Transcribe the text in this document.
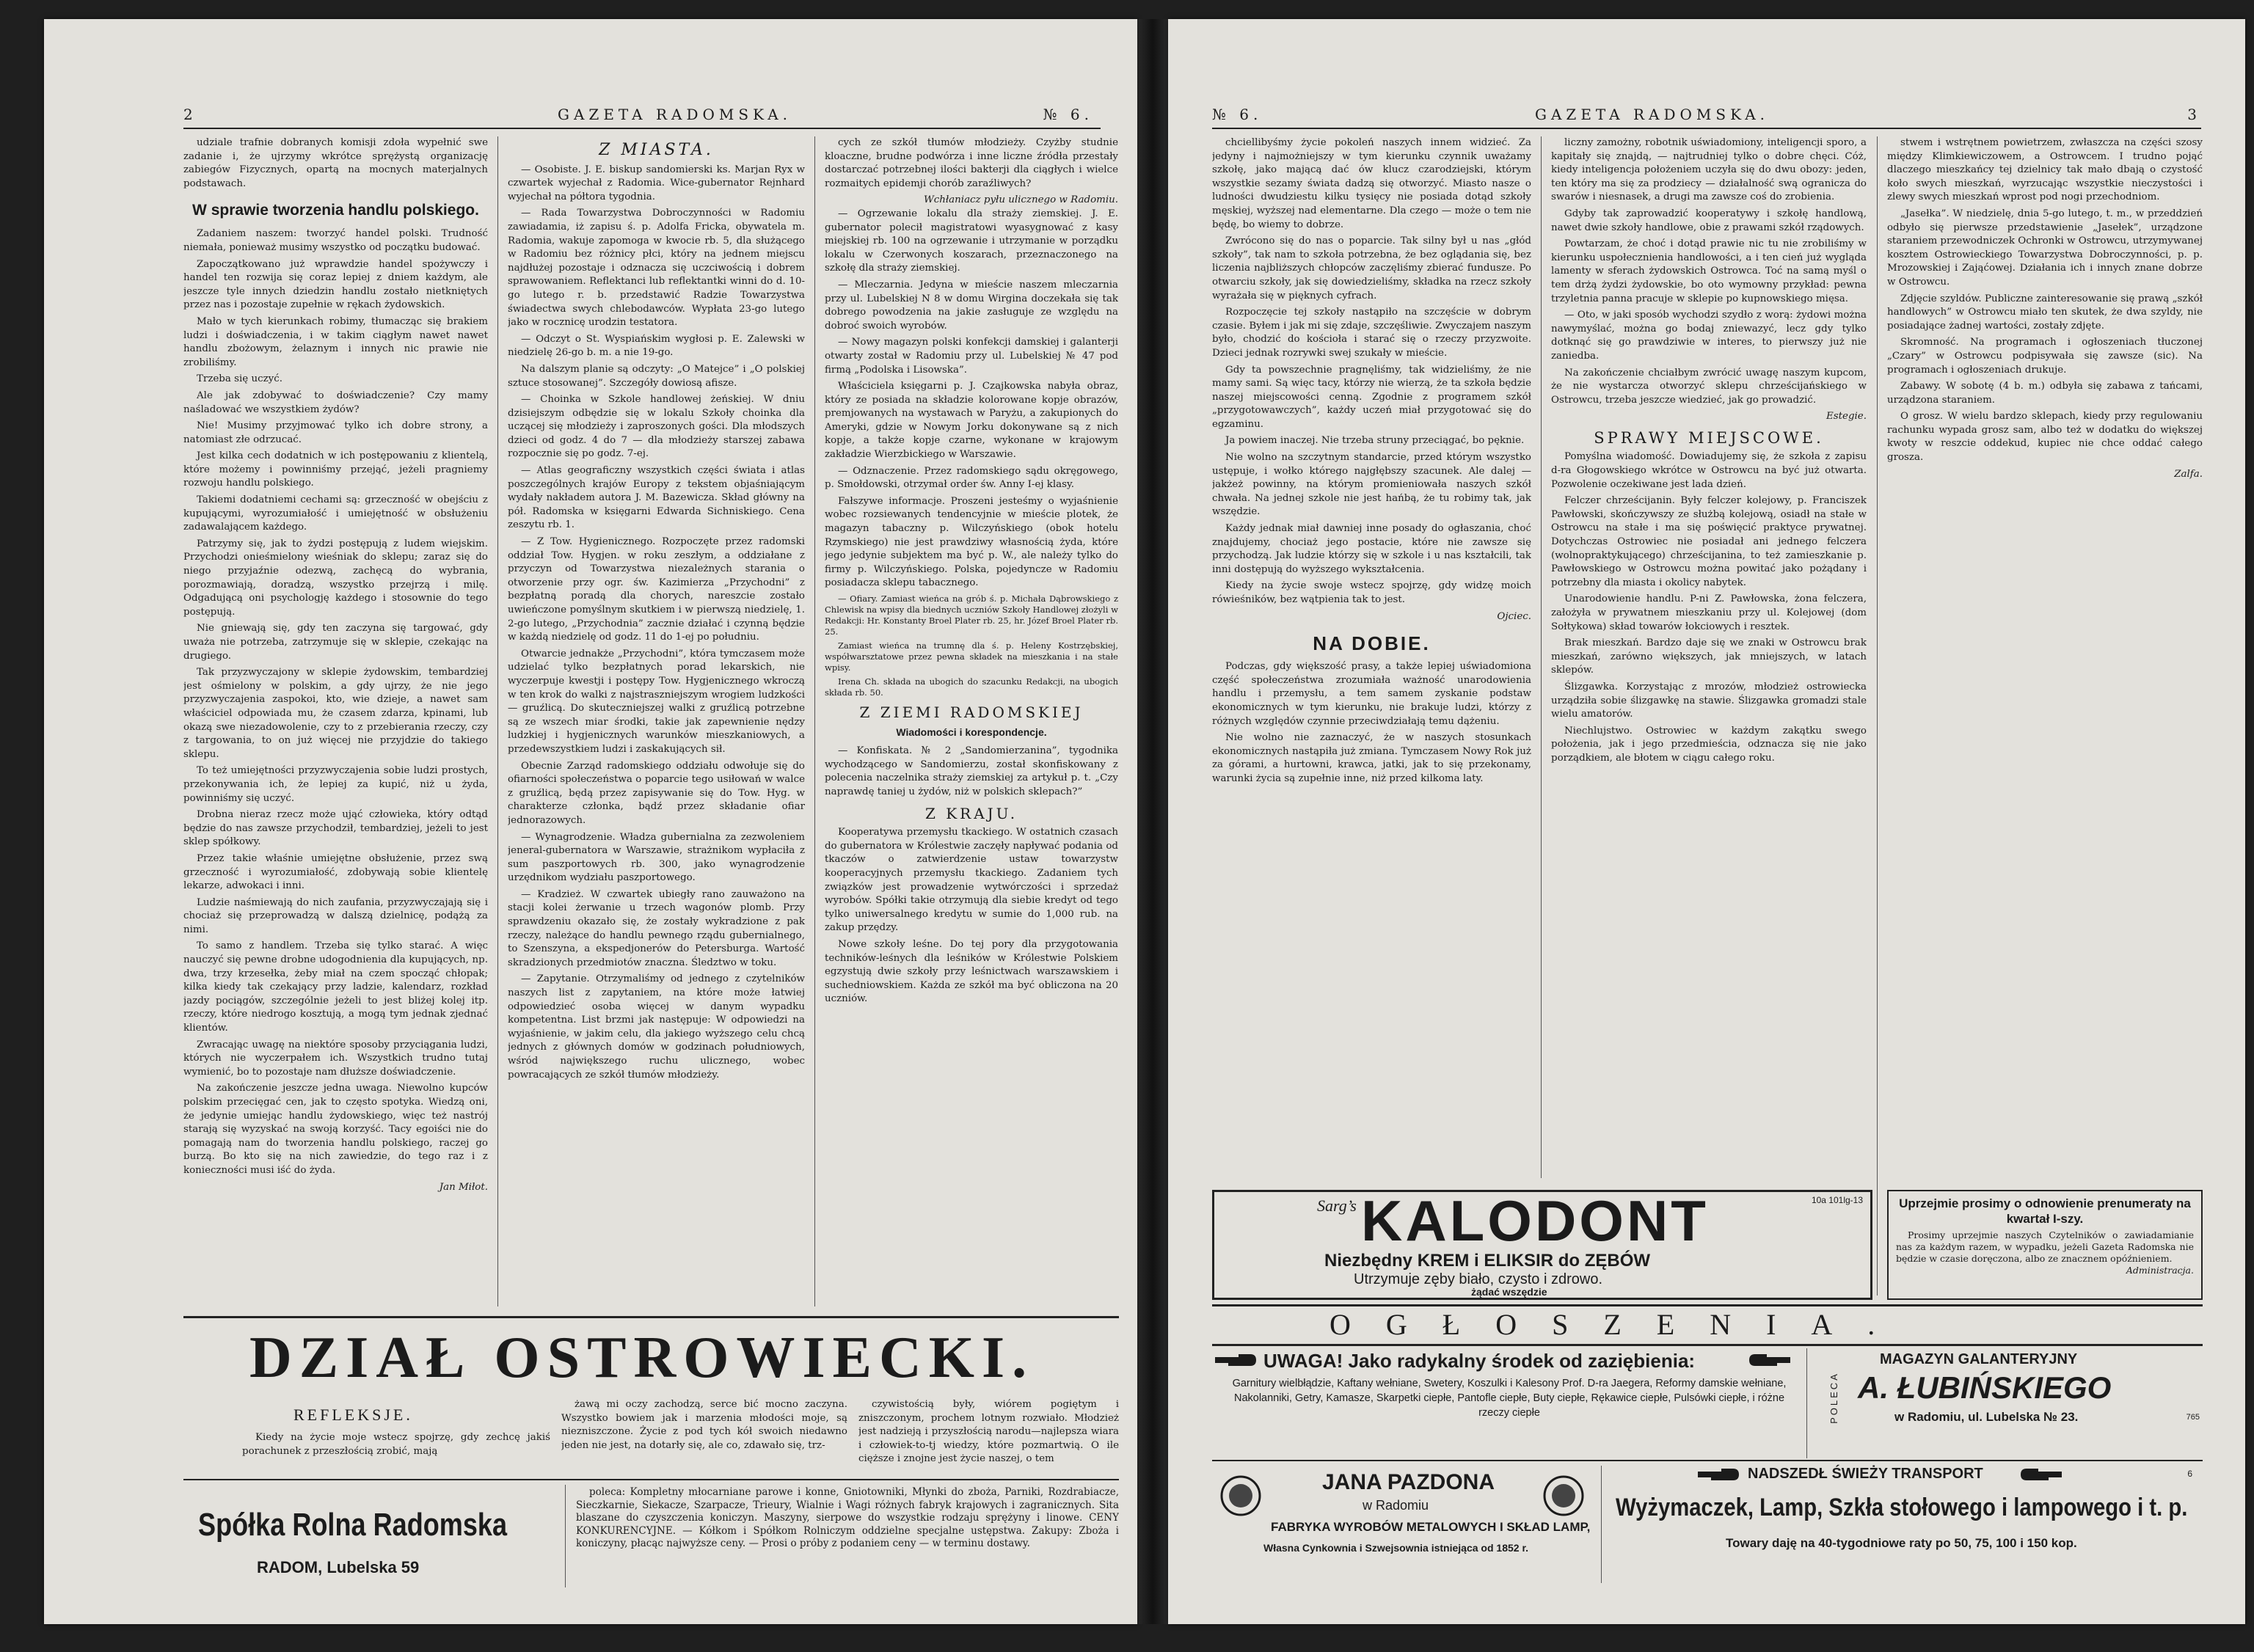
2	GAZETA RADOMSKA.	№ 6.

udziale trafnie dobranych komisji zdoła wypełnić swe zadanie i, że ujrzymy wkrótce sprężystą organizację zabiegów Fizycznych, opartą na mocnych materjalnych podstawach.

W sprawie tworzenia handlu polskiego.

Zadaniem naszem: tworzyć handel polski. Trudność niemała, ponieważ musimy wszystko od początku budować.

Zapoczątkowano już wprawdzie handel spożywczy i handel ten rozwija się coraz lepiej z dniem każdym, ale jeszcze tyle innych dziedzin handlu zostało nietkniętych przez nas i pozostaje zupełnie w rękach żydowskich.

Mało w tych kierunkach robimy, tłumacząc się brakiem ludzi i doświadczenia, i w takim ciągłym nawet nawet handlu zbożowym, żelaznym i innych nic prawie nie zrobiliśmy.

Trzeba się uczyć.

Ale jak zdobywać to doświadczenie? Czy mamy naśladować we wszystkiem żydów?

Nie! Musimy przyjmować tylko ich dobre strony, a natomiast złe odrzucać.

Jest kilka cech dodatnich w ich postępowaniu z klientelą, które możemy i powinniśmy przejąć, jeżeli pragniemy rozwoju handlu polskiego.

Takiemi dodatniemi cechami są: grzeczność w obejściu z kupującymi, wyrozumiałość i umiejętność w obsłużeniu zadawalającem każdego.

Patrzymy się, jak to żydzi postępują z ludem wiejskim. Przychodzi onieśmielony wieśniak do sklepu; zaraz się do niego przyjaźnie odezwą, zachęcą do wybrania, porozmawiają, doradzą, wszystko przejrzą i milę. Odgadującą oni psychologję każdego i stosownie do tego postępują.

Nie gniewają się, gdy ten zaczyna się targować, gdy uważa nie potrzeba, zatrzymuje się w sklepie, czekając na drugiego.

Tak przyzwyczajony w sklepie żydowskim, tembardziej jest ośmielony w polskim, a gdy ujrzy, że nie jego przyzwyczajenia zaspokoi, kto, wie dzieje, a nawet sam właściciel odpowiada mu, że czasem zdarza, kpinami, lub okazą swe niezadowolenie, czy to z przebierania rzeczy, czy z targowania, to on już więcej nie przyjdzie do takiego sklepu.

To też umiejętności przyzwyczajenia sobie ludzi prostych, przekonywania ich, że lepiej za kupić, niż u żyda, powinniśmy się uczyć.

Drobna nieraz rzecz może ująć człowieka, który odtąd będzie do nas zawsze przychodził, tembardziej, jeżeli to jest sklep spółkowy.

Przez takie właśnie umiejętne obsłużenie, przez swą grzeczność i wyrozumiałość, zdobywają sobie klientelę lekarze, adwokaci i inni.

Ludzie naśmiewają do nich zaufania, przyzwyczajają się i chociaż się przeprowadzą w dalszą dzielnicę, podążą za nimi.

To samo z handlem. Trzeba się tylko starać. A więc nauczyć się pewne drobne udogodnienia dla kupujących, np. dwa, trzy krzesełka, żeby miał na czem spocząć chłopak; kilka kiedy tak czekający przy ladzie, kalendarz, rozkład jazdy pociągów, szczególnie jeżeli to jest bliżej kolej itp. rzeczy, które niedrogo kosztują, a mogą tym jednak zjednać klientów.

Zwracając uwagę na niektóre sposoby przyciągania ludzi, których nie wyczerpałem ich. Wszystkich trudno tutaj wymienić, bo to pozostaje nam dłuższe doświadczenie.

Na zakończenie jeszcze jedna uwaga. Niewolno kupców polskim przecięgać cen, jak to często spotyka. Wiedzą oni, że jedynie umiejąc handlu żydowskiego, więc też nastrój starają się wyzyskać na swoją korzyść. Tacy egoiści nie do pomagają nam do tworzenia handlu polskiego, raczej go burzą. Bo kto się na nich zawiedzie, do tego raz i z konieczności musi iść do żyda.

Jan Miłot.
Z MIASTA.

— Osobiste. J. E. biskup sandomierski ks. Marjan Ryx w czwartek wyjechał z Radomia. Wice-gubernator Rejnhard wyjechał na półtora tygodnia.

— Rada Towarzystwa Dobroczynności w Radomiu zawiadamia, iż zapisu ś. p. Adolfa Fricka, obywatela m. Radomia, wakuje zapomoga w kwocie rb. 5, dla służącego w Radomiu bez różnicy płci, który na jednem miejscu najdłużej pozostaje i odznacza się uczciwością i dobrem sprawowaniem. Reflektanci lub reflektantki winni do d. 10-go lutego r. b. przedstawić Radzie Towarzystwa świadectwa swych chlebodawców. Wypłata 23-go lutego jako w rocznicę urodzin testatora.

— Odczyt o St. Wyspiańskim wygłosi p. E. Zalewski w niedzielę 26-go b. m. a nie 19-go.

Na dalszym planie są odczyty: „O Matejce” i „O polskiej sztuce stosowanej”. Szczegóły dowiosą afisze.

— Choinka w Szkole handlowej żeńskiej. W dniu dzisiejszym odbędzie się w lokalu Szkoły choinka dla uczącej się młodzieży i zaproszonych gości. Dla młodszych dzieci od godz. 4 do 7 — dla młodzieży starszej zabawa rozpocznie się po godz. 7-ej.

— Atlas geograficzny wszystkich części świata i atlas poszczególnych krajów Europy z tekstem objaśniającym wydały nakładem autora J. M. Bazewicza. Skład główny na pół. Radomska w księgarni Edwarda Sichniskiego. Cena zeszytu rb. 1.

— Z Tow. Hygienicznego. Rozpoczęte przez radomski oddział Tow. Hygjen. w roku zeszłym, a oddziałane z przyczyn od Towarzystwa niezależnych starania o otworzenie przy ogr. św. Kazimierza „Przychodni” z bezpłatną poradą dla chorych, nareszcie zostało uwieńczone pomyślnym skutkiem i w pierwszą niedzielę, 1. 2-go lutego, „Przychodnia” zacznie działać i czynną będzie w każdą niedzielę od godz. 11 do 1-ej po południu.

Otwarcie jednakże „Przychodni”, która tymczasem może udzielać tylko bezpłatnych porad lekarskich, nie wyczerpuje kwestji i postępy Tow. Hygjenicznego wkroczą w ten krok do walki z najstraszniejszym wrogiem ludzkości — gruźlicą. Do skuteczniejszej walki z gruźlicą potrzebne są ze wszech miar środki, takie jak zapewnienie nędzy ludzkiej i hygjenicznych warunków mieszkaniowych, a przedewszystkiem ludzi i zaskakujących sił.

Obecnie Zarząd radomskiego oddziału odwołuje się do ofiarności społeczeństwa o poparcie tego usiłowań w walce z gruźlicą, będą przez zapisywanie się do Tow. Hyg. w charakterze członka, bądź przez składanie ofiar jednorazowych.

— Wynagrodzenie. Władza gubernialna za zezwoleniem jeneral-gubernatora w Warszawie, strażnikom wypłaciła z sum paszportowych rb. 300, jako wynagrodzenie urzędnikom wydziału paszportowego.

— Kradzież. W czwartek ubiegły rano zauważono na stacji kolei żerwanie u trzech wagonów plomb. Przy sprawdzeniu okazało się, że zostały wykradzione z pak rzeczy, należące do handlu pewnego rządu gubernialnego, to Szenszyna, a ekspedjonerów do Petersburga. Wartość skradzionych przedmiotów znaczna. Śledztwo w toku.

— Zapytanie. Otrzymaliśmy od jednego z czytelników naszych list z zapytaniem, na które może łatwiej odpowiedzieć osoba więcej w danym wypadku kompetentna. List brzmi jak następuje: W odpowiedzi na wyjaśnienie, w jakim celu, dla jakiego wyższego celu chcą jednych z głównych domów w godzinach południowych, wśród największego ruchu ulicznego, wobec powracających ze szkół tłumów młodzieży.

cych ze szkół tłumów młodzieży. Czyżby studnie kloaczne, brudne podwórza i inne liczne źródła przestały dostarczać potrzebnej ilości bakterji dla ciągłych i wielce rozmaitych epidemji chorób zaraźliwych?

Wchłaniacz pyłu ulicznego w Radomiu.

— Ogrzewanie lokalu dla straży ziemskiej. J. E. gubernator polecił magistratowi wyasygnować z kasy miejskiej rb. 100 na ogrzewanie i utrzymanie w porządku lokalu w Czerwonych koszarach, przeznaczonego na szkołę dla straży ziemskiej.

— Mleczarnia. Jedyna w mieście naszem mleczarnia przy ul. Lubelskiej N 8 w domu Wirgina doczekała się tak dobrego powodzenia na jakie zasługuje ze względu na dobroć swoich wyrobów.

— Nowy magazyn polski konfekcji damskiej i galanterji otwarty został w Radomiu przy ul. Lubelskiej № 47 pod firmą „Podolska i Lisowska”.

Właściciela księgarni p. J. Czajkowska nabyła obraz, który ze posiada na składzie kolorowane kopje obrazów, premjowanych na wystawach w Paryżu, a zakupionych do Ameryki, gdzie w Nowym Jorku dokonywane są z nich kopje, a także kopje czarne, wykonane w krajowym zakładzie Wierzbickiego w Warszawie.

— Odznaczenie. Przez radomskiego sądu okręgowego, p. Smołdowski, otrzymał order św. Anny I-ej klasy.

Fałszywe informacje. Proszeni jesteśmy o wyjaśnienie wobec rozsiewanych tendencyjnie w mieście plotek, że magazyn tabaczny p. Wilczyńskiego (obok hotelu Rzymskiego) nie jest prawdziwy własnością żyda, które jego jedynie subjektem ma być p. W., ale należy tylko do firmy p. Wilczyńskiego. Polska, pojedyncze w Radomiu posiadacza sklepu tabacznego.

— Ofiary. Zamiast wieńca na grób ś. p. Michała Dąbrowskiego z Chlewisk na wpisy dla biednych uczniów Szkoły Handlowej złożyli w Redakcji: Hr. Konstanty Broel Plater rb. 25, hr. Józef Broel Plater rb. 25.

Zamiast wieńca na trumnę dla ś. p. Heleny Kostrzębskiej, współwarsztatowe przez pewna składek na mieszkania i na stałe wpisy.

Irena Ch. składa na ubogich do szacunku Redakcji, na ubogich składa rb. 50.

Z ZIEMI RADOMSKIEJ
Wiadomości i korespondencje.

— Konfiskata. № 2 „Sandomierzanina”, tygodnika wychodzącego w Sandomierzu, został skonfiskowany z polecenia naczelnika straży ziemskiej za artykuł p. t. „Czy naprawdę taniej u żydów, niż w polskich sklepach?”

Z KRAJU.

Kooperatywa przemysłu tkackiego. W ostatnich czasach do gubernatora w Królestwie zaczęły napływać podania od tkaczów o zatwierdzenie ustaw towarzystw kooperacyjnych przemysłu tkackiego. Zadaniem tych związków jest prowadzenie wytwórczości i sprzedaż wyrobów. Spółki takie otrzymują dla siebie kredyt od tego tylko uniwersalnego kredytu w sumie do 1,000 rub. na zakup przędzy.

Nowe szkoły leśne. Do tej pory dla przygotowania techników-leśnych dla leśników w Królestwie Polskiem egzystują dwie szkoły przy leśnictwach warszawskiem i suchedniowskiem. Każda ze szkół ma być obliczona na 20 uczniów.

DZIAŁ OSTROWIECKI.
REFLEKSJE.

Kiedy na życie moje wstecz spojrzę, gdy zechcę jakiś porachunek z przeszłością zrobić, mają

żawą mi oczy zachodzą, serce bić mocno zaczyna. Wszystko bowiem jak i marzenia młodości moje, są niezniszczone. Życie z pod tych kół swoich niedawno jeden nie jest, na dotarły się, ale co, zdawało się, trz-

czywistością były, wiórem pogiętym i zniszczonym, prochem lotnym rozwiało. Młodzież jest nadzieją i przyszłością narodu—najlepsza wiara i człowiek-to-tj wiedzy, które pozmartwią. O ile cięższe i znojne jest życie naszej, o tem

Spółka Rolna Radomska
RADOM, Lubelska 59

poleca: Kompletny młocarniane parowe i konne, Gniotowniki, Młynki do zboża, Parniki, Rozdrabiacze, Sieczkarnie, Siekacze, Szarpacze, Trieury, Wialnie i Wagi różnych fabryk krajowych i zagranicznych. Sita blaszane do czyszczenia koniczyn. Maszyny, sierpowe do wszystkie rodzaju sprężyny i linowe. CENY KONKURENCYJNE. — Kółkom i Spółkom Rolniczym oddzielne specjalne ustępstwa. Zakupy: Zboża i koniczyny, płacąc najwyższe ceny. — Prosi o próby z podaniem ceny — w terminu dostawy.

№ 6.	GAZETA RADOMSKA.	3

chciellibyśmy życie pokoleń naszych innem widzieć. Za jedyny i najmożniejszy w tym kierunku czynnik uważamy szkołę, jako mającą dać ów klucz czarodziejski, którym wszystkie sezamy świata dadzą się otworzyć. Miasto nasze o ludności dwudziestu kilku tysięcy nie posiada dotąd szkoły męskiej, wyższej nad elementarne. Dla czego — może o tem nie będę, bo wiemy to dobrze.

Zwrócono się do nas o poparcie. Tak silny był u nas „głód szkoły”, tak nam to szkoła potrzebna, że bez oglądania się, bez liczenia najbliższych chłopców zaczęliśmy zbierać fundusze. Po otwarciu szkoły, jak się dowiedzieliśmy, składka na rzecz szkoły wyrażała się w pięknych cyfrach.

Rozpoczęcie tej szkoły nastąpiło na szczęście w dobrym czasie. Byłem i jak mi się zdaje, szczęśliwie. Zwyczajem naszym było, chodzić do kościoła i starać się o rzeczy przyzwoite. Dzieci jednak rozrywki swej szukały w mieście.

Gdy ta powszechnie pragnęliśmy, tak widzieliśmy, że nie mamy sami. Są więc tacy, którzy nie wierzą, że ta szkoła będzie naszej miejscowości cenną. Zgodnie z programem szkół „przygotowawczych”, każdy uczeń miał przygotować się do egzaminu.

Ja powiem inaczej. Nie trzeba struny przeciągać, bo pęknie.

Nie wolno na szczytnym standarcie, przed którym wszystko ustępuje, i wołko którego najgłębszy szacunek. Ale dalej — jakżeż powinny, na którym promieniowała naszych szkół chwała. Na jednej szkole nie jest hańbą, że tu robimy tak, jak wszędzie.

Każdy jednak miał dawniej inne posady do ogłaszania, choć znajdujemy, chociaż jego postacie, które nie zawsze się przychodzą. Jak ludzie którzy się w szkole i u nas kształcili, tak inni dostępują do wyższego wykształcenia.

Kiedy na życie swoje wstecz spojrzę, gdy widzę moich rówieśników, bez wątpienia tak to jest.

Ojciec.
NA DOBIE.

Podczas, gdy większość prasy, a także lepiej uświadomiona część społeczeństwa zrozumiała ważność unarodowienia handlu i przemysłu, a tem samem zyskanie podstaw ekonomicznych w tym kierunku, nie brakuje ludzi, którzy z różnych względów czynnie przeciwdziałają temu dążeniu.

Nie wolno nie zaznaczyć, że w naszych stosunkach ekonomicznych nastąpiła już zmiana. Tymczasem Nowy Rok już za górami, a hurtowni, krawca, jatki, jak to się przekonamy, warunki życia są zupełnie inne, niż przed kilkoma laty.

liczny zamożny, robotnik uświadomiony, inteligencji sporo, a kapitały się znajdą, — najtrudniej tylko o dobre chęci. Cóż, kiedy inteligencja położeniem uczyła się do dwu obozy: jeden, ten który ma się za prodziecy — działalność swą ogranicza do swarów i niesnasek, a drugi ma zawsze coś do zrobienia.

Gdyby tak zaprowadzić kooperatywy i szkołę handlową, nawet dwie szkoły handlowe, obie z prawami szkół rządowych.

Powtarzam, że choć i dotąd prawie nic tu nie zrobiliśmy w kierunku uspołecznienia handlowości, a i ten cień już wygląda lamenty w sferach żydowskich Ostrowca. Toć na samą myśl o tem drżą żydzi żydowskie, bo oto wymowny przykład: pewna trzyletnia panna pracuje w sklepie po kupnowskiego mięsa.

— Oto, w jaki sposób wychodzi szydło z worą: żydowi można nawymyślać, można go bodaj zniewazyć, lecz gdy tylko dotknąć się go prawdziwie w interes, to pierwszy już nie zaniedba.

Na zakończenie chciałbym zwrócić uwagę naszym kupcom, że nie wystarcza otworzyć sklepu chrześcijańskiego w Ostrowcu, trzeba jeszcze wiedzieć, jak go prowadzić.

Estegie.
SPRAWY MIEJSCOWE.

Pomyślna wiadomość. Dowiadujemy się, że szkoła z zapisu d-ra Głogowskiego wkrótce w Ostrowcu na być już otwarta. Pozwolenie oczekiwane jest lada dzień.

Felczer chrześcijanin. Były felczer kolejowy, p. Franciszek Pawłowski, skończywszy ze służbą kolejową, osiadł na stałe w Ostrowcu na stałe i ma się poświęcić praktyce prywatnej. Dotychczas Ostrowiec nie posiadał ani jednego felczera (wolnopraktykującego) chrześcijanina, to też zamieszkanie p. Pawłowskiego w Ostrowcu można powitać jako pożądany i potrzebny dla miasta i okolicy nabytek.

Unarodowienie handlu. P-ni Z. Pawłowska, żona felczera, założyła w prywatnem mieszkaniu przy ul. Kolejowej (dom Sołtykowa) skład towarów łokciowych i resztek.

Brak mieszkań. Bardzo daje się we znaki w Ostrowcu brak mieszkań, zarówno większych, jak mniejszych, w latach sklepów.

Ślizgawka. Korzystając z mrozów, młodzież ostrowiecka urządziła sobie ślizgawkę na stawie. Ślizgawka gromadzi stale wielu amatorów.

Niechlujstwo. Ostrowiec w każdym zakątku swego położenia, jak i jego przedmieścia, odznacza się nie jako porządkiem, ale błotem w ciągu całego roku.

stwem i wstrętnem powietrzem, zwłaszcza na części szosy między Klimkiewiczowem, a Ostrowcem. I trudno pojąć dlaczego mieszkańcy tej dzielnicy tak mało dbają o czystość koło swych mieszkań, wyrzucając wszystkie nieczystości i zlewy swych mieszkań wprost pod nogi przechodniom.

„Jasełka”. W niedzielę, dnia 5-go lutego, t. m., w przeddzień odbyło się pierwsze przedstawienie „Jasełek”, urządzone staraniem przewodniczek Ochronki w Ostrowcu, utrzymywanej kosztem Ostrowieckiego Towarzystwa Dobroczynności, p. p. Mrozowskiej i Zająćowej. Działania ich i innych znane dobrze w Ostrowcu.

Zdjęcie szyldów. Publiczne zainteresowanie się prawą „szkół handlowych” w Ostrowcu miało ten skutek, że dwa szyldy, nie posiadające żadnej wartości, zostały zdjęte.

Skromność. Na programach i ogłoszeniach tłuczonej „Czary” w Ostrowcu podpisywała się zawsze (sic). Na programach i ogłoszeniach drukuje.

Zabawy. W sobotę (4 b. m.) odbyła się zabawa z tańcami, urządzona staraniem.

O grosz. W wielu bardzo sklepach, kiedy przy regulowaniu rachunku wypada grosz sam, albo też w dodatku do większej kwoty w reszcie oddekud, kupiec nie chce oddać całego grosza.

Zalfa.
Uprzejmie prosimy o odnowienie prenumeraty na kwartał I-szy.
Prosimy uprzejmie naszych Czytelników o zawiadamianie nas za każdym razem, w wypadku, jeżeli Gazeta Radomska nie będzie w czasie doręczona, albo ze znacznem opóźnieniem.
Administracja.
Sarg’s KALODONT	10a 101lg-13
Niezbędny KREM i ELIKSIR do ZĘBÓW
Utrzymuje zęby biało, czysto i zdrowo.
żądać wszędzie
OGŁOSZENIA.
UWAGA! Jako radykalny środek od zaziębienia:
Garnitury wielbłądzie, Kaftany wełniane, Swetery, Koszulki i Kalesony Prof. D-ra Jaegera, Reformy damskie wełniane, Nakolanniki, Getry, Kamasze, Skarpetki ciepłe, Pantofle ciepłe, Buty ciepłe, Rękawice ciepłe, Pulsówki ciepłe, i różne rzeczy ciepłe	POLECA
MAGAZYN GALANTERYJNY
A. ŁUBIŃSKIEGO
w Radomiu, ul. Lubelska № 23.	765
JANA PAZDONA
w Radomiu
FABRYKA WYROBÓW METALOWYCH I SKŁAD LAMP,
Własna Cynkownia i Szwejsownia istniejąca od 1852 r.
NADSZEDŁ ŚWIEŻY TRANSPORT	6
Wyżymaczek, Lamp, Szkła stołowego i lampowego i t. p.
Towary daję na 40-tygodniowe raty po 50, 75, 100 i 150 kop.
